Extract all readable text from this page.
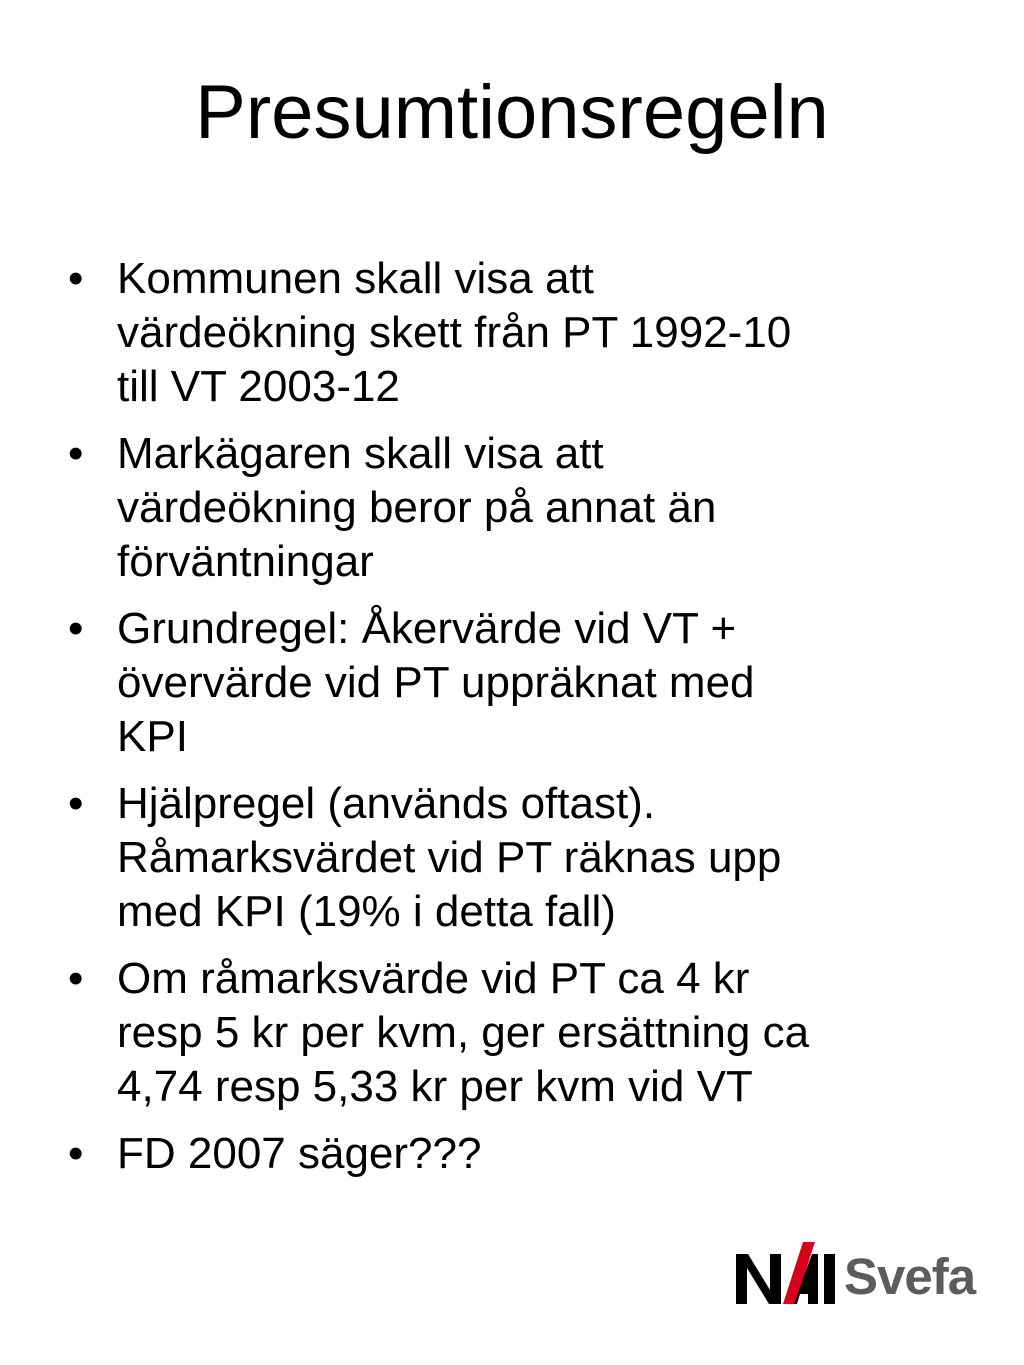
Presumtionsregeln
• Kommunen skall visa att
värdeökning skett från PT 1992-10
till VT 2003-12
• Markägaren skall visa att
värdeökning beror på annat än
förväntningar
• Grundregel: Åkervärde vid VT +
övervärde vid PT uppräknat med
KPI
• Hjälpregel (används oftast).
Råmarksvärdet vid PT räknas upp
med KPI (19% i detta fall)
• Om råmarksvärde vid PT ca 4 kr
resp 5 kr per kvm, ger ersättning ca
4,74 resp 5,33 kr per kvm vid VT
• FD 2007 säger???
Svefa
